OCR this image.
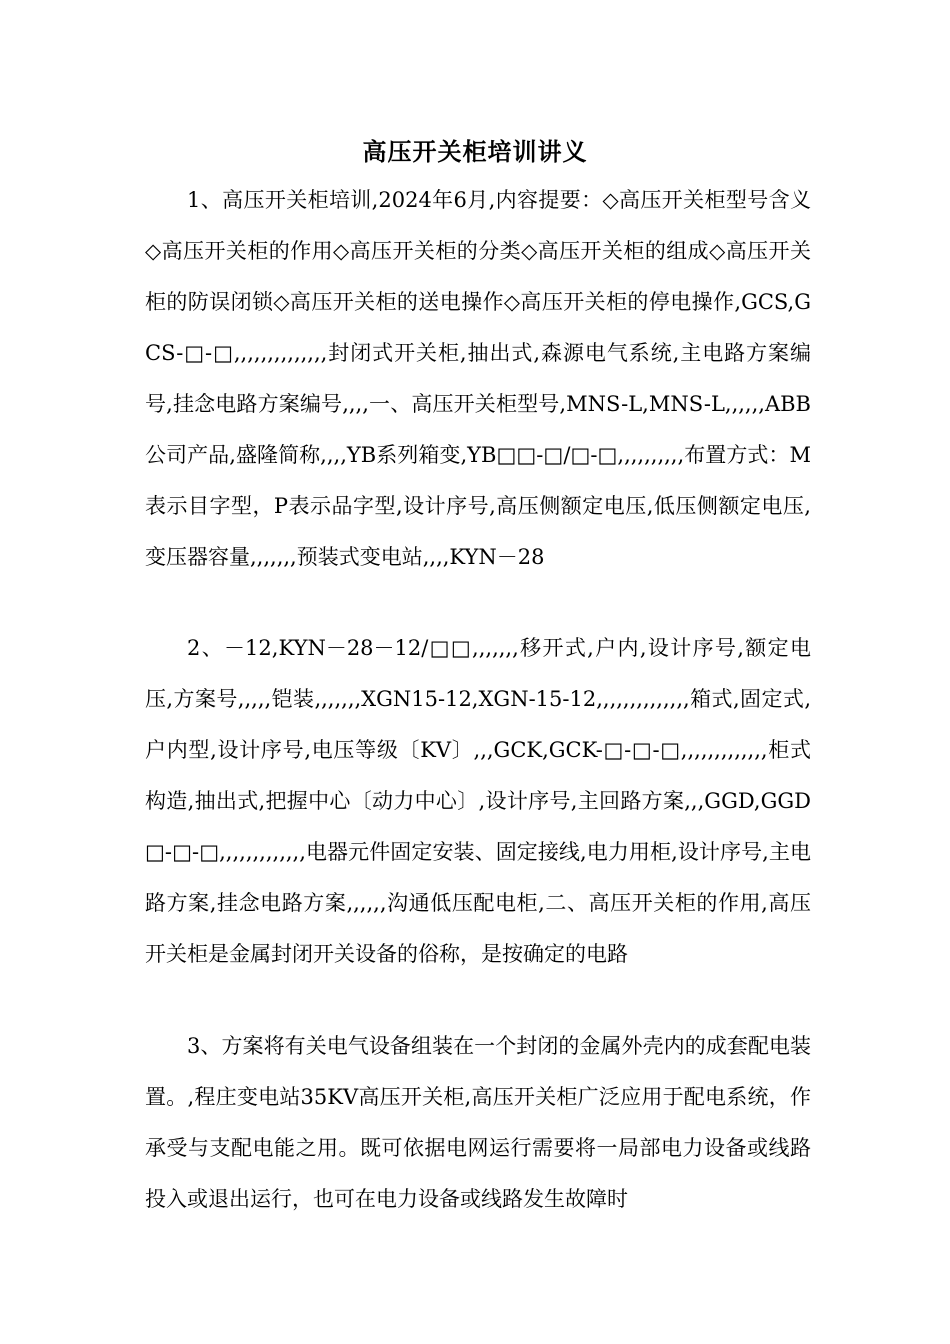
高压开关柜培训讲义

1、高压开关柜培训,2024年6月,内容提要：◇高压开关柜型号含义◇高压开关柜的作用◇高压开关柜的分类◇高压开关柜的组成◇高压开关柜的防误闭锁◇高压开关柜的送电操作◇高压开关柜的停电操作,GCS,GCS-□-□,,,,,,,,,,,,,,封闭式开关柜,抽出式,森源电气系统,主电路方案编号,挂念电路方案编号,,,,一、高压开关柜型号,MNS-L,MNS-L,,,,,,ABB公司产品,盛隆简称,,,,YB系列箱变,YB□□-□/□-□,,,,,,,,,,布置方式：M表示目字型，P表示品字型,设计序号,高压侧额定电压,低压侧额定电压,变压器容量,,,,,,,预装式变电站,,,,KYN－28

2、－12,KYN－28－12/□□,,,,,,,移开式,户内,设计序号,额定电压,方案号,,,,,铠装,,,,,,,XGN15-12,XGN-15-12,,,,,,,,,,,,,,箱式,固定式,户内型,设计序号,电压等级〔KV〕,,,GCK,GCK-□-□-□,,,,,,,,,,,,,柜式构造,抽出式,把握中心〔动力中心〕,设计序号,主回路方案,,,GGD,GGD□-□-□,,,,,,,,,,,,,电器元件固定安装、固定接线,电力用柜,设计序号,主电路方案,挂念电路方案,,,,,,沟通低压配电柜,二、高压开关柜的作用,高压开关柜是金属封闭开关设备的俗称，是按确定的电路

3、方案将有关电气设备组装在一个封闭的金属外壳内的成套配电装置。,程庄变电站35KV高压开关柜,高压开关柜广泛应用于配电系统，作承受与支配电能之用。既可依据电网运行需要将一局部电力设备或线路投入或退出运行，也可在电力设备或线路发生故障时
